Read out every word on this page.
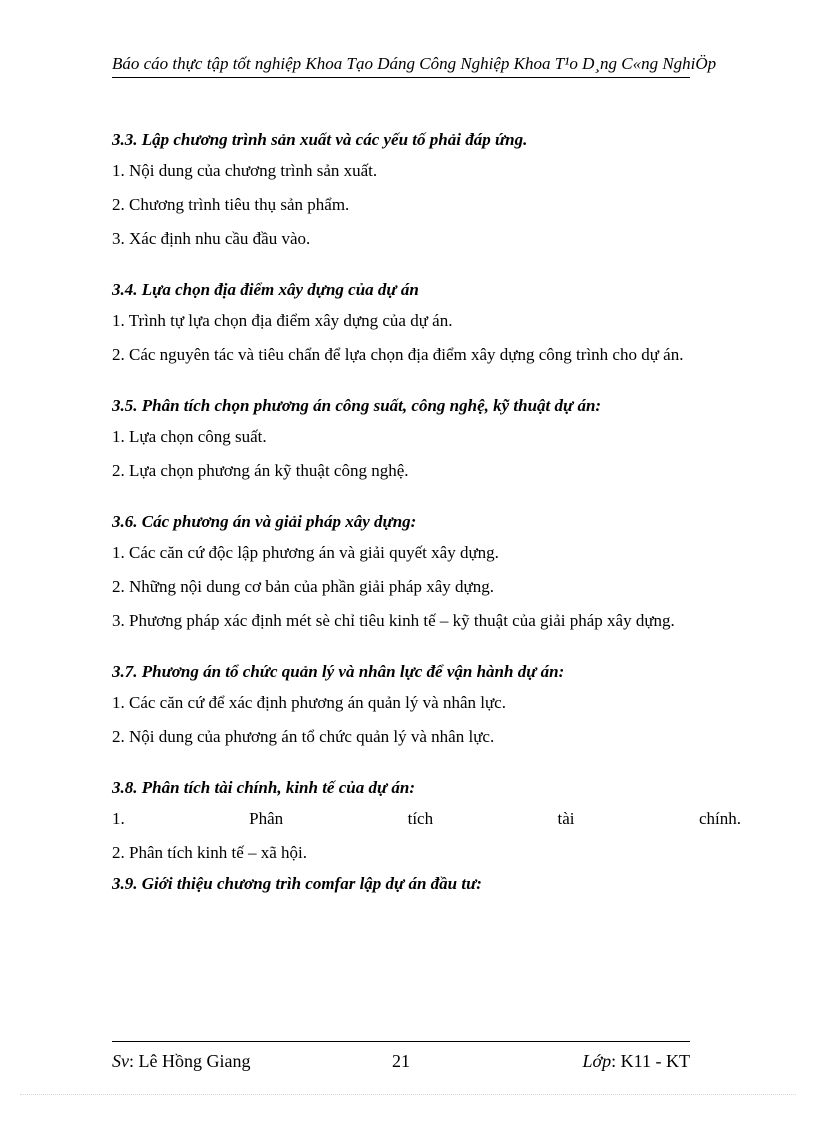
Báo cáo thực tập tốt nghiệp Khoa Tạo Dáng Công Nghiệp Khoa T¹o D¸ng C«ng NghiÖp

3.3. Lập chương trình sản xuất và các yếu tố phải đáp ứng.

1. Nội dung của chương trình sản xuất.

2. Chương trình tiêu thụ sản phẩm.

3. Xác định nhu cầu đầu vào.

3.4. Lựa chọn địa điểm xây dựng của dự án

1. Trình tự lựa chọn địa điểm xây dựng của dự án.

2. Các nguyên tác và tiêu chẩn để lựa chọn địa điểm xây dựng công trình cho dự án.

3.5. Phân tích chọn phương án công suất, công nghệ, kỹ thuật dự án:

1. Lựa chọn công suất.

2. Lựa chọn phương án kỹ thuật công nghệ.

3.6. Các phương án và giải pháp xây dựng:

1. Các căn cứ độc lập phương án và giải quyết xây dựng.

2. Những nội dung cơ bản của phần giải pháp xây dựng.

3. Phương pháp xác định mét sè chỉ tiêu kinh tế – kỹ thuật của giải pháp xây dựng.

3.7. Phương án tổ chức quản lý và nhân lực để vận hành dự án:

1. Các căn cứ để xác định phương án quản lý và nhân lực.

2. Nội dung của phương án tổ chức quản lý và nhân lực.

3.8. Phân tích tài chính, kinh tế của dự án:

1.	Phân	tích	tài	chính.

2. Phân tích kinh tế – xã hội.

3.9. Giới thiệu chương trìh comfar lập dự án đầu tư:

Sv: Lê Hồng Giang	21	Lớp: K11 - KT
